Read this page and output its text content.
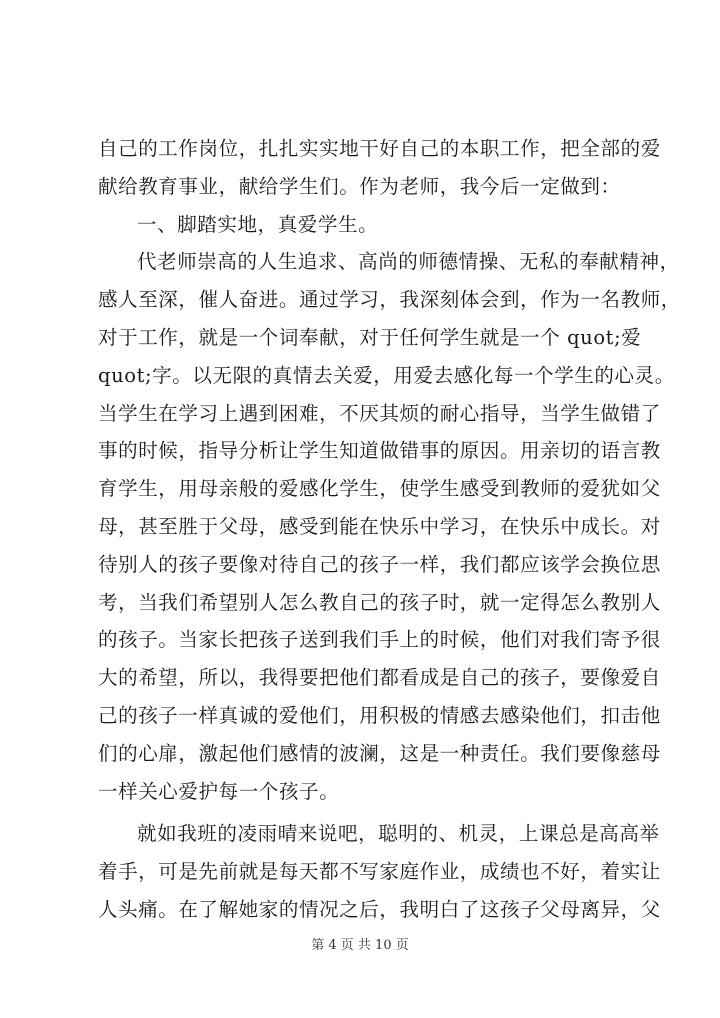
自己的工作岗位，扎扎实实地干好自己的本职工作，把全部的爱
献给教育事业，献给学生们。作为老师，我今后一定做到：
一、脚踏实地，真爱学生。
代老师崇高的人生追求、高尚的师德情操、无私的奉献精神，
感人至深，催人奋进。通过学习，我深刻体会到，作为一名教师，
对于工作，就是一个词奉献，对于任何学生就是一个 quot;爱
quot;字。以无限的真情去关爱，用爱去感化每一个学生的心灵。
当学生在学习上遇到困难，不厌其烦的耐心指导，当学生做错了
事的时候，指导分析让学生知道做错事的原因。用亲切的语言教
育学生，用母亲般的爱感化学生，使学生感受到教师的爱犹如父
母，甚至胜于父母，感受到能在快乐中学习，在快乐中成长。对
待别人的孩子要像对待自己的孩子一样，我们都应该学会换位思
考，当我们希望别人怎么教自己的孩子时，就一定得怎么教别人
的孩子。当家长把孩子送到我们手上的时候，他们对我们寄予很
大的希望，所以，我得要把他们都看成是自己的孩子，要像爱自
己的孩子一样真诚的爱他们，用积极的情感去感染他们，扣击他
们的心扉，激起他们感情的波澜，这是一种责任。我们要像慈母
一样关心爱护每一个孩子。
就如我班的凌雨晴来说吧，聪明的、机灵，上课总是高高举
着手，可是先前就是每天都不写家庭作业，成绩也不好，着实让
人头痛。在了解她家的情况之后，我明白了这孩子父母离异，父
第 4 页 共 10 页
